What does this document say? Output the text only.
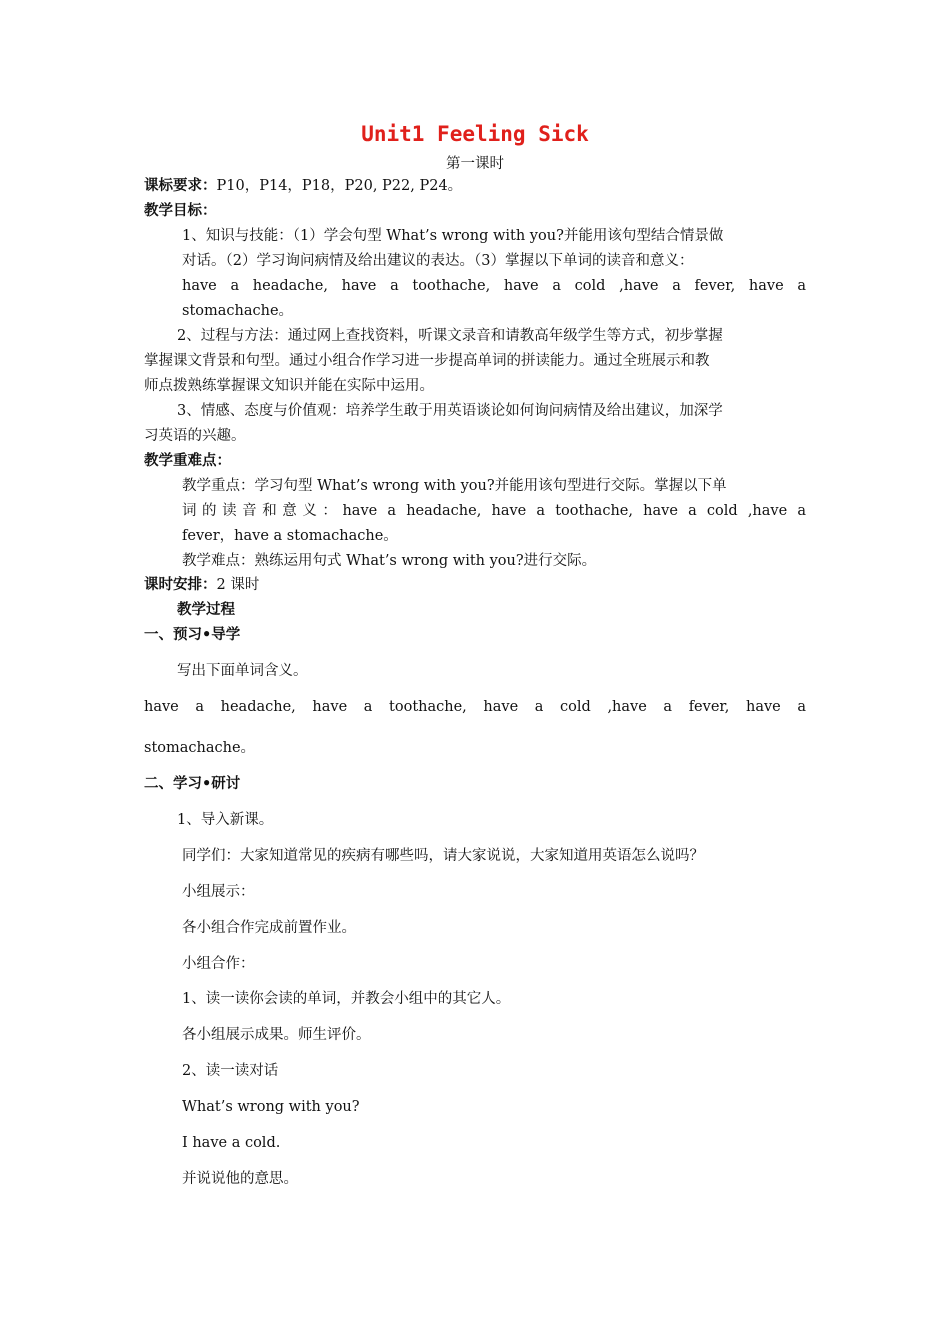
Unit1 Feeling Sick
第一课时
课标要求：P10，P14，P18，P20, P22, P24。
教学目标：
1、知识与技能：（1）学会句型 What’s wrong with you?并能用该句型结合情景做
对话。（2）学习询问病情及给出建议的表达。（3）掌握以下单词的读音和意义：
have a headache, have a toothache, have a cold ,have a fever, have a
stomachache。
2、过程与方法：通过网上查找资料，听课文录音和请教高年级学生等方式，初步掌握
掌握课文背景和句型。通过小组合作学习进一步提高单词的拼读能力。通过全班展示和教
师点拨熟练掌握课文知识并能在实际中运用。
3、情感、态度与价值观：培养学生敢于用英语谈论如何询问病情及给出建议，加深学
习英语的兴趣。
教学重难点：
教学重点：学习句型 What’s wrong with you?并能用该句型进行交际。掌握以下单
词的读音和意义：have a headache, have a toothache, have a cold ,have a
fever，have a stomachache。
教学难点：熟练运用句式 What’s wrong with you?进行交际。
课时安排：2 课时
教学过程
一、预习•导学
写出下面单词含义。
have a headache, have a toothache, have a cold ,have a fever, have a
stomachache。
二、学习•研讨
1、导入新课。
同学们：大家知道常见的疾病有哪些吗，请大家说说，大家知道用英语怎么说吗？
小组展示：
各小组合作完成前置作业。
小组合作：
1、读一读你会读的单词，并教会小组中的其它人。
各小组展示成果。师生评价。
2、读一读对话
What’s wrong with you?
I have a cold.
并说说他的意思。
